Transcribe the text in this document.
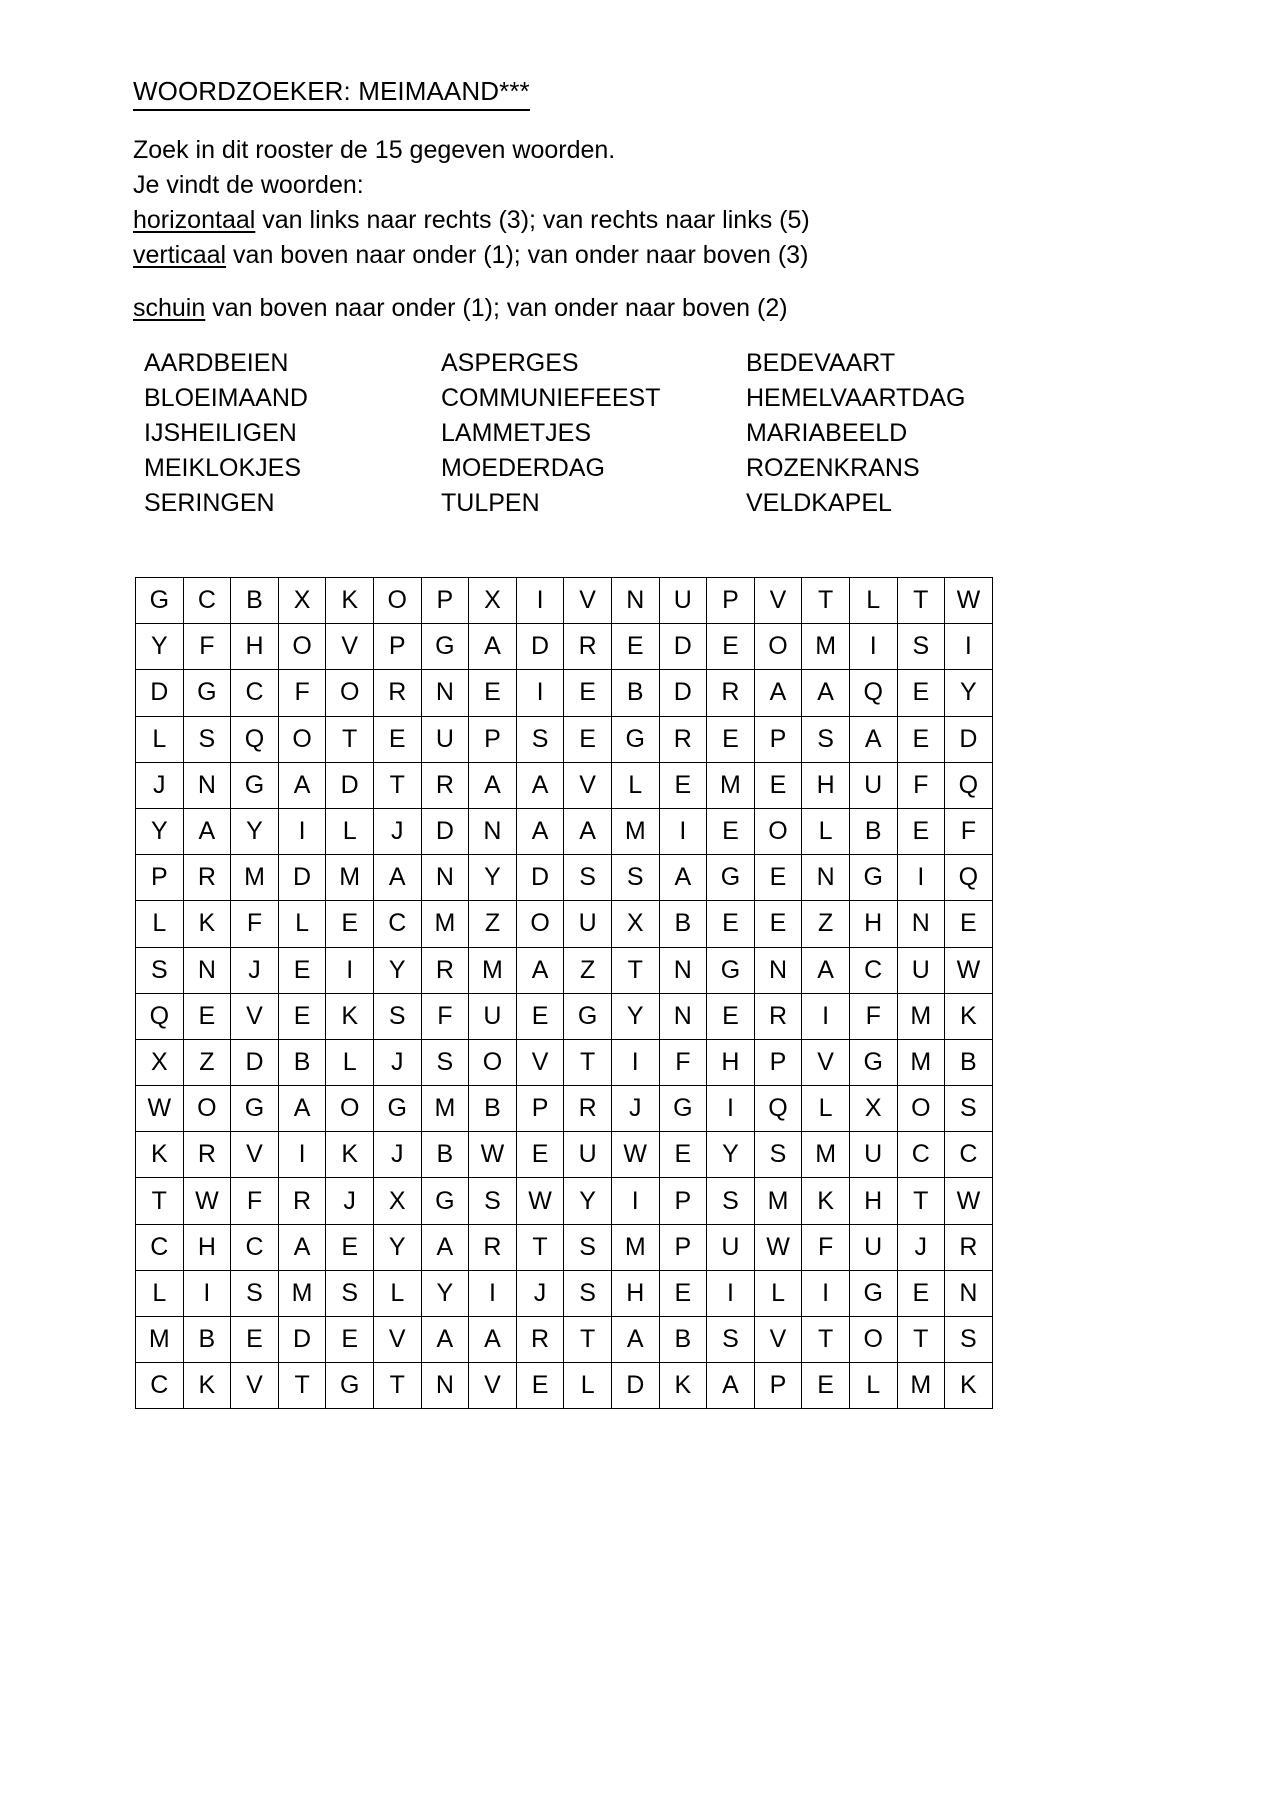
WOORDZOEKER: MEIMAAND***

Zoek in dit rooster de 15 gegeven woorden.

Je vindt de woorden:

horizontaal van links naar rechts (3); van rechts naar links (5)

verticaal van boven naar onder (1); van onder naar boven (3)

schuin van boven naar onder (1); van onder naar boven (2)

AARDBEIEN	ASPERGES	BEDEVAART
BLOEIMAAND	COMMUNIEFEEST	HEMELVAARTDAG
IJSHEILIGEN	LAMMETJES	MARIABEELD
MEIKLOKJES	MOEDERDAG	ROZENKRANS
SERINGEN	TULPEN	VELDKAPEL
G	C	B	X	K	O	P	X	I	V	N	U	P	V	T	L	T	W
Y	F	H	O	V	P	G	A	D	R	E	D	E	O	M	I	S	I
D	G	C	F	O	R	N	E	I	E	B	D	R	A	A	Q	E	Y
L	S	Q	O	T	E	U	P	S	E	G	R	E	P	S	A	E	D
J	N	G	A	D	T	R	A	A	V	L	E	M	E	H	U	F	Q
Y	A	Y	I	L	J	D	N	A	A	M	I	E	O	L	B	E	F
P	R	M	D	M	A	N	Y	D	S	S	A	G	E	N	G	I	Q
L	K	F	L	E	C	M	Z	O	U	X	B	E	E	Z	H	N	E
S	N	J	E	I	Y	R	M	A	Z	T	N	G	N	A	C	U	W
Q	E	V	E	K	S	F	U	E	G	Y	N	E	R	I	F	M	K
X	Z	D	B	L	J	S	O	V	T	I	F	H	P	V	G	M	B
W	O	G	A	O	G	M	B	P	R	J	G	I	Q	L	X	O	S
K	R	V	I	K	J	B	W	E	U	W	E	Y	S	M	U	C	C
T	W	F	R	J	X	G	S	W	Y	I	P	S	M	K	H	T	W
C	H	C	A	E	Y	A	R	T	S	M	P	U	W	F	U	J	R
L	I	S	M	S	L	Y	I	J	S	H	E	I	L	I	G	E	N
M	B	E	D	E	V	A	A	R	T	A	B	S	V	T	O	T	S
C	K	V	T	G	T	N	V	E	L	D	K	A	P	E	L	M	K
